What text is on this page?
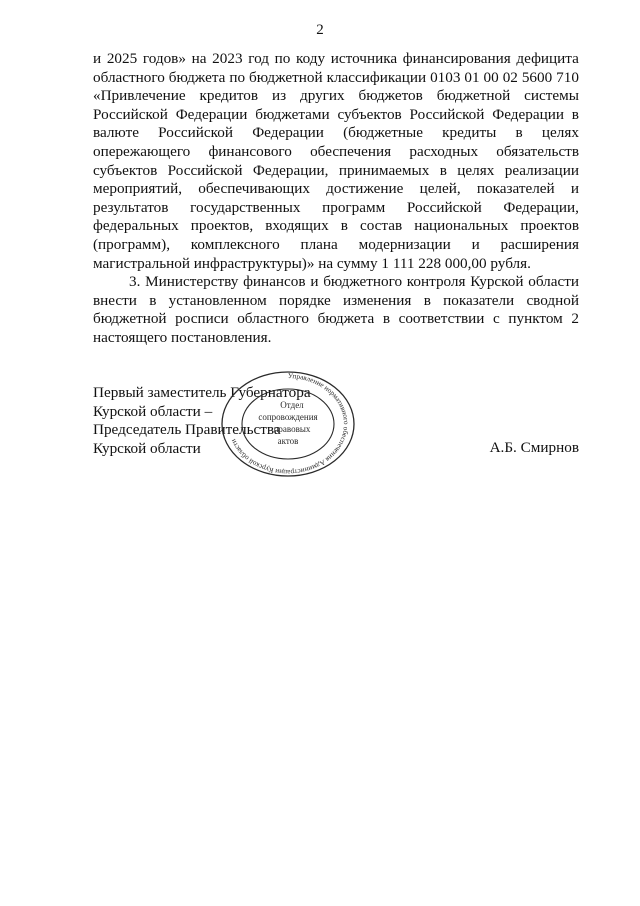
2
и 2025 годов» на 2023 год по коду источника финансирования дефицита
областного бюджета по бюджетной классификации 0103 01 00 02 5600 710
«Привлечение кредитов из других бюджетов бюджетной системы
Российской Федерации бюджетами субъектов Российской Федерации в
валюте Российской Федерации (бюджетные кредиты в целях
опережающего финансового обеспечения расходных обязательств
субъектов Российской Федерации, принимаемых в целях реализации
мероприятий, обеспечивающих достижение целей, показателей и
результатов государственных программ Российской Федерации,
федеральных проектов, входящих в состав национальных проектов
(программ), комплексного плана модернизации и расширения
магистральной инфраструктуры)» на сумму 1 111 228 000,00 рубля.
3. Министерству финансов и бюджетного контроля Курской области
внести в установленном порядке изменения в показатели сводной
бюджетной росписи областного бюджета в соответствии с пунктом 2
настоящего постановления.
Первый заместитель Губернатора
Курской области –
Председатель Правительства
Курской области	А.Б. Смирнов
Управление нормативного обеспечения Администрации Курской области
Отдел
сопровождения
правовых
актов
